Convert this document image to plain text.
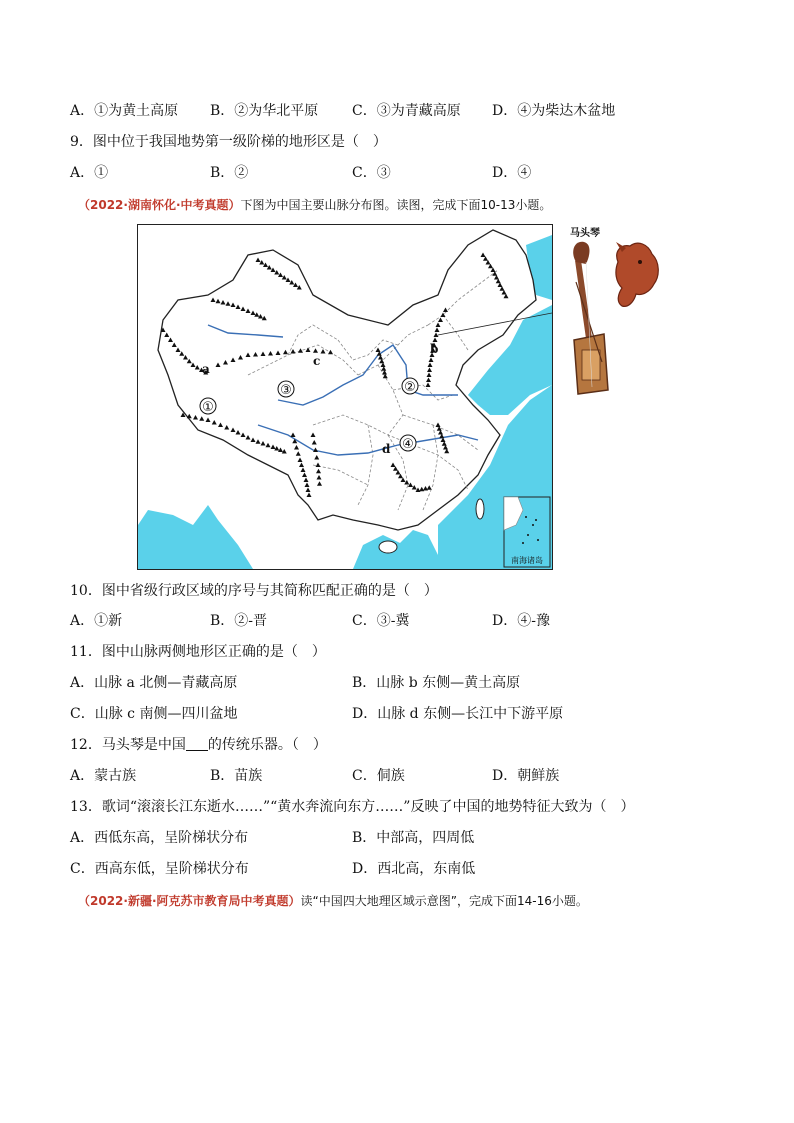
A．①为黄土高原 B．②为华北平原 C．③为青藏高原 D．④为柴达木盆地
9．图中位于我国地势第一级阶梯的地形区是（　）
A．①	B．②	C．③	D．④
（2022·湖南怀化·中考真题）下图为中国主要山脉分布图。读图，完成下面10-13小题。
①
②
③
④
a
b
c
d
南海诸岛
马头琴
10．图中省级行政区域的序号与其简称匹配正确的是（　）
A．①新	B．②-晋	C．③-冀	D．④-豫
11．图中山脉两侧地形区正确的是（　）
A．山脉 a 北侧—青藏高原	B．山脉 b 东侧—黄土高原
C．山脉 c 南侧—四川盆地	D．山脉 d 东侧—长江中下游平原
12．马头琴是中国 的传统乐器。（　）
A．蒙古族	B．苗族	C．侗族	D．朝鲜族
13．歌词“滚滚长江东逝水……”“黄水奔流向东方……”反映了中国的地势特征大致为（　）
A．西低东高，呈阶梯状分布	B．中部高，四周低
C．西高东低，呈阶梯状分布	D．西北高，东南低
（2022·新疆·阿克苏市教育局中考真题）读“中国四大地理区域示意图”，完成下面14-16小题。
